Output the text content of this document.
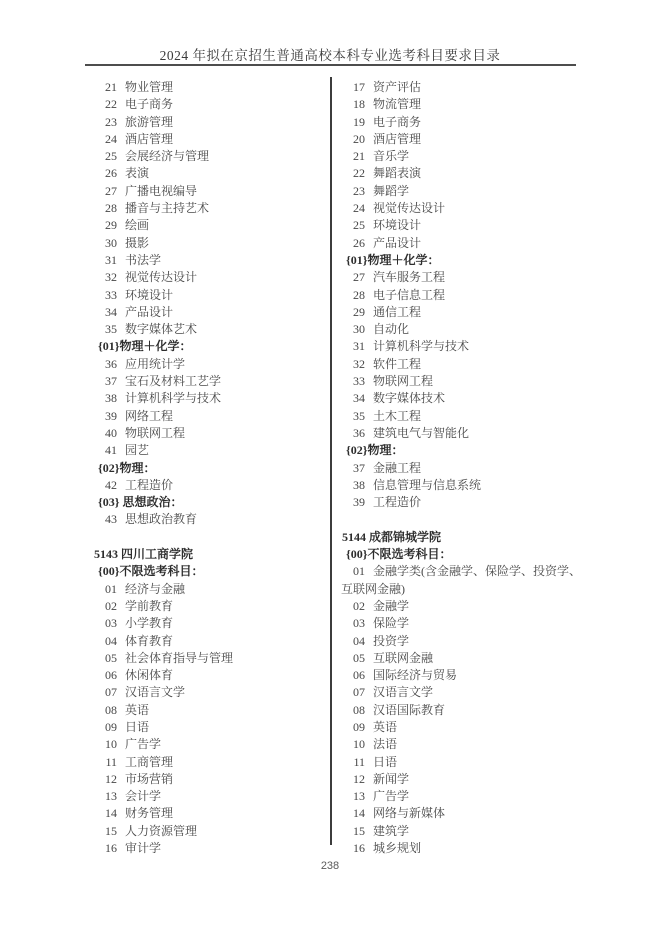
2024 年拟在京招生普通高校本科专业选考科目要求目录
21 物业管理
22 电子商务
23 旅游管理
24 酒店管理
25 会展经济与管理
26 表演
27 广播电视编导
28 播音与主持艺术
29 绘画
30 摄影
31 书法学
32 视觉传达设计
33 环境设计
34 产品设计
35 数字媒体艺术
{01}物理＋化学：
36 应用统计学
37 宝石及材料工艺学
38 计算机科学与技术
39 网络工程
40 物联网工程
41 园艺
{02}物理：
42 工程造价
{03} 思想政治：
43 思想政治教育
5143 四川工商学院
{00}不限选考科目：
01 经济与金融
02 学前教育
03 小学教育
04 体育教育
05 社会体育指导与管理
06 休闲体育
07 汉语言文学
08 英语
09 日语
10 广告学
11 工商管理
12 市场营销
13 会计学
14 财务管理
15 人力资源管理
16 审计学
17 资产评估
18 物流管理
19 电子商务
20 酒店管理
21 音乐学
22 舞蹈表演
23 舞蹈学
24 视觉传达设计
25 环境设计
26 产品设计
{01}物理＋化学：
27 汽车服务工程
28 电子信息工程
29 通信工程
30 自动化
31 计算机科学与技术
32 软件工程
33 物联网工程
34 数字媒体技术
35 土木工程
36 建筑电气与智能化
{02}物理：
37 金融工程
38 信息管理与信息系统
39 工程造价
5144 成都锦城学院
{00}不限选考科目：
01 金融学类(含金融学、保险学、投资学、
互联网金融)
02 金融学
03 保险学
04 投资学
05 互联网金融
06 国际经济与贸易
07 汉语言文学
08 汉语国际教育
09 英语
10 法语
11 日语
12 新闻学
13 广告学
14 网络与新媒体
15 建筑学
16 城乡规划
238
